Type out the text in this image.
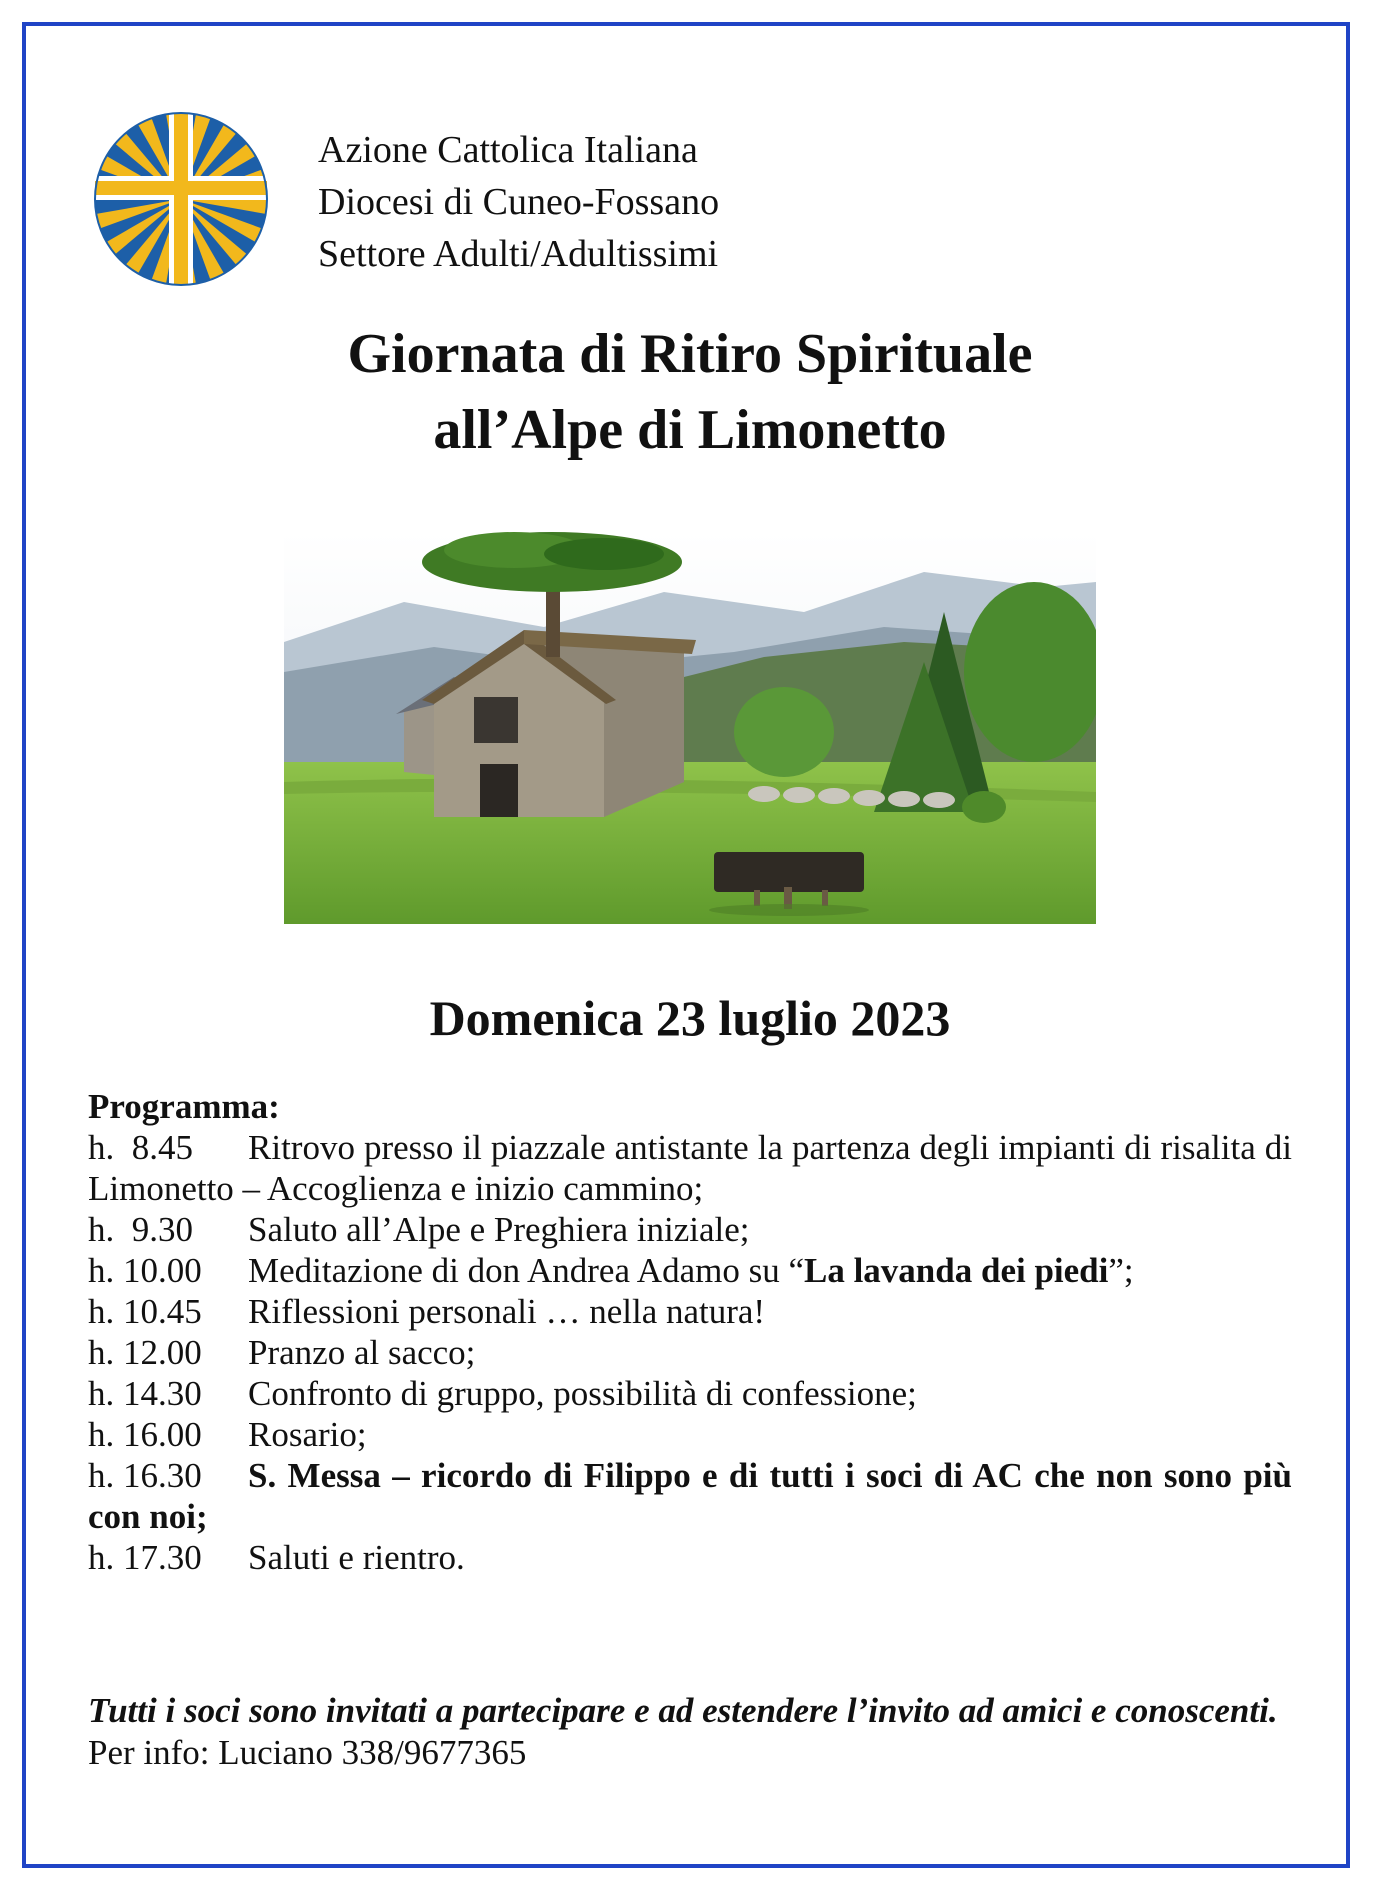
Azione Cattolica Italiana
Diocesi di Cuneo-Fossano
Settore Adulti/Adultissimi
Giornata di Ritiro Spirituale
all’Alpe di Limonetto
Domenica 23 luglio 2023
Programma:
h.  8.45 Ritrovo presso il piazzale antistante la partenza degli impianti di risalita di Limonetto – Accoglienza e inizio cammino;
h.  9.30	Saluto all’Alpe e Preghiera iniziale;
h. 10.00	Meditazione di don Andrea Adamo su “La lavanda dei piedi”;
h. 10.45	Riflessioni personali … nella natura!
h. 12.00	Pranzo al sacco;
h. 14.30	Confronto di gruppo, possibilità di confessione;
h. 16.00	Rosario;
h. 16.30 S. Messa – ricordo di Filippo e di tutti i soci di AC che non sono più con noi;
h. 17.30	Saluti e rientro.
Tutti i soci sono invitati a partecipare e ad estendere l’invito ad amici e conoscenti.
Per info: Luciano 338/9677365
